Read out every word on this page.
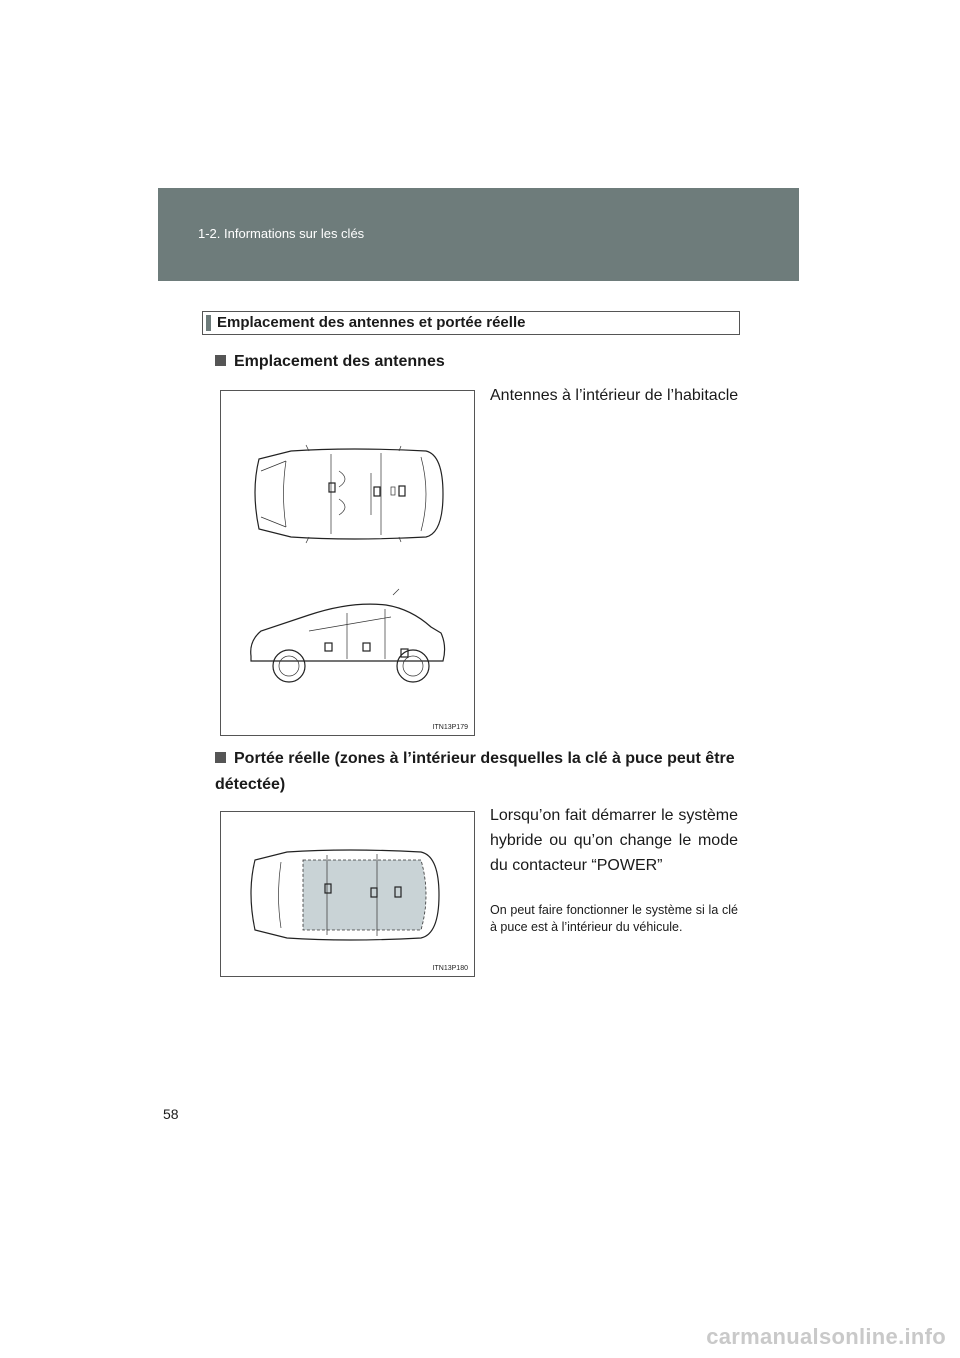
1-2. Informations sur les clés
Emplacement des antennes et portée réelle
Emplacement des antennes
ITN13P179
Antennes à l’intérieur de l’habitacle
Portée réelle (zones à l’intérieur desquelles la clé à puce peut être détectée)
ITN13P180
Lorsqu’on fait démarrer le système hybride ou qu’on change le mode du contacteur “POWER”
On peut faire fonctionner le système si la clé à puce est à l’intérieur du véhicule.
58
carmanualsonline.info
